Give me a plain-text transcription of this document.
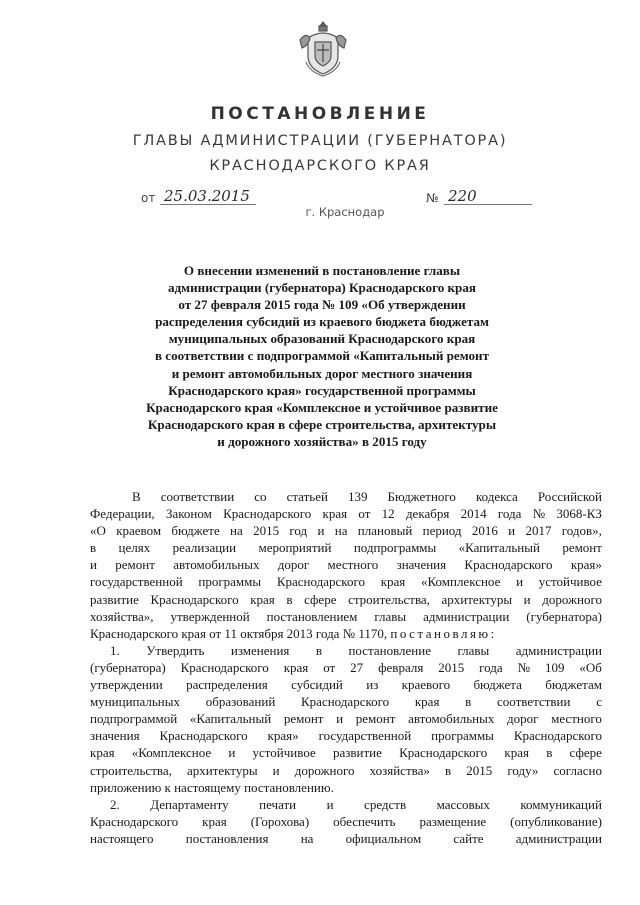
ПОСТАНОВЛЕНИЕ
ГЛАВЫ АДМИНИСТРАЦИИ (ГУБЕРНАТОРА)
КРАСНОДАРСКОГО КРАЯ
от 25.03.2015	№ 220
г. Краснодар
О внесении изменений в постановление главы
администрации (губернатора) Краснодарского края
от 27 февраля 2015 года № 109 «Об утверждении
распределения субсидий из краевого бюджета бюджетам
муниципальных образований Краснодарского края
в соответствии с подпрограммой «Капитальный ремонт
и ремонт автомобильных дорог местного значения
Краснодарского края» государственной программы
Краснодарского края «Комплексное и устойчивое развитие
Краснодарского края в сфере строительства, архитектуры
и дорожного хозяйства» в 2015 году
В соответствии со статьей 139 Бюджетного кодекса Российской
Федерации, Законом Краснодарского края от 12 декабря 2014 года № 3068-КЗ
«О краевом бюджете на 2015 год и на плановый период 2016 и 2017 годов»,
в целях реализации мероприятий подпрограммы «Капитальный ремонт
и ремонт автомобильных дорог местного значения Краснодарского края»
государственной программы Краснодарского края «Комплексное и устойчивое
развитие Краснодарского края в сфере строительства, архитектуры и дорожного
хозяйства», утвержденной постановлением главы администрации (губернатора)
Краснодарского края от 11 октября 2013 года № 1170,
постановляю:
1. Утвердить изменения в постановление главы администрации
(губернатора) Краснодарского края от 27 февраля 2015 года № 109 «Об
утверждении распределения субсидий из краевого бюджета бюджетам
муниципальных образований Краснодарского края в соответствии с
подпрограммой «Капитальный ремонт и ремонт автомобильных дорог местного
значения Краснодарского края» государственной программы Краснодарского
края «Комплексное и устойчивое развитие Краснодарского края в сфере
строительства, архитектуры и дорожного хозяйства» в 2015 году» согласно
приложению к настоящему постановлению.
2. Департаменту печати и средств массовых коммуникаций
Краснодарского края (Горохова) обеспечить размещение (опубликование)
настоящего постановления на официальном сайте администрации
